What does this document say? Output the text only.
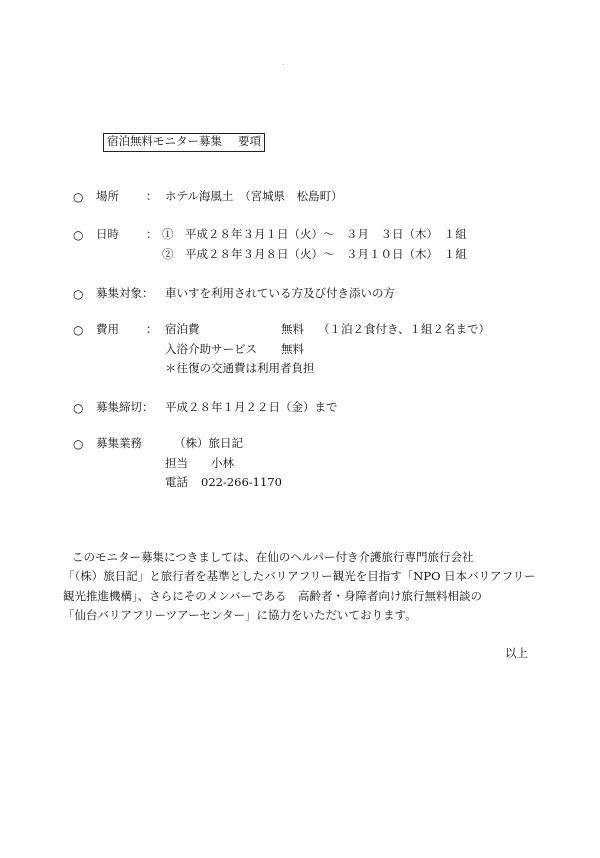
宿泊無料モニター募集 要項
○ 場所 ： ホテル海風土　（宮城県　松島町）
○ 日時 ： ①　平成２８年３月１日（火）～　３月　３日（木）　１組
②　平成２８年３月８日（火）～　３月１０日（木）　１組
○ 募集対象： 車いすを利用されている方及び付き添いの方
○ 費用 ： 宿泊費	無料 （１泊２食付き、１組２名まで）
入浴介助サービス 無料
＊往復の交通費は利用者負担
○ 募集締切： 平成２８年１月２２日（金）まで
○ 募集業務	（株）旅日記
担当 小林
電話 022-266-1170

このモニター募集につきましては、在仙のヘルパー付き介護旅行専門旅行会社

「（株）旅日記」と旅行者を基準としたバリアフリー観光を目指す「NPO 日本バリアフリー

観光推進機構」、さらにそのメンバーである　高齢者・身障者向け旅行無料相談の

「仙台バリアフリーツアーセンター」に協力をいただいております。

以上
